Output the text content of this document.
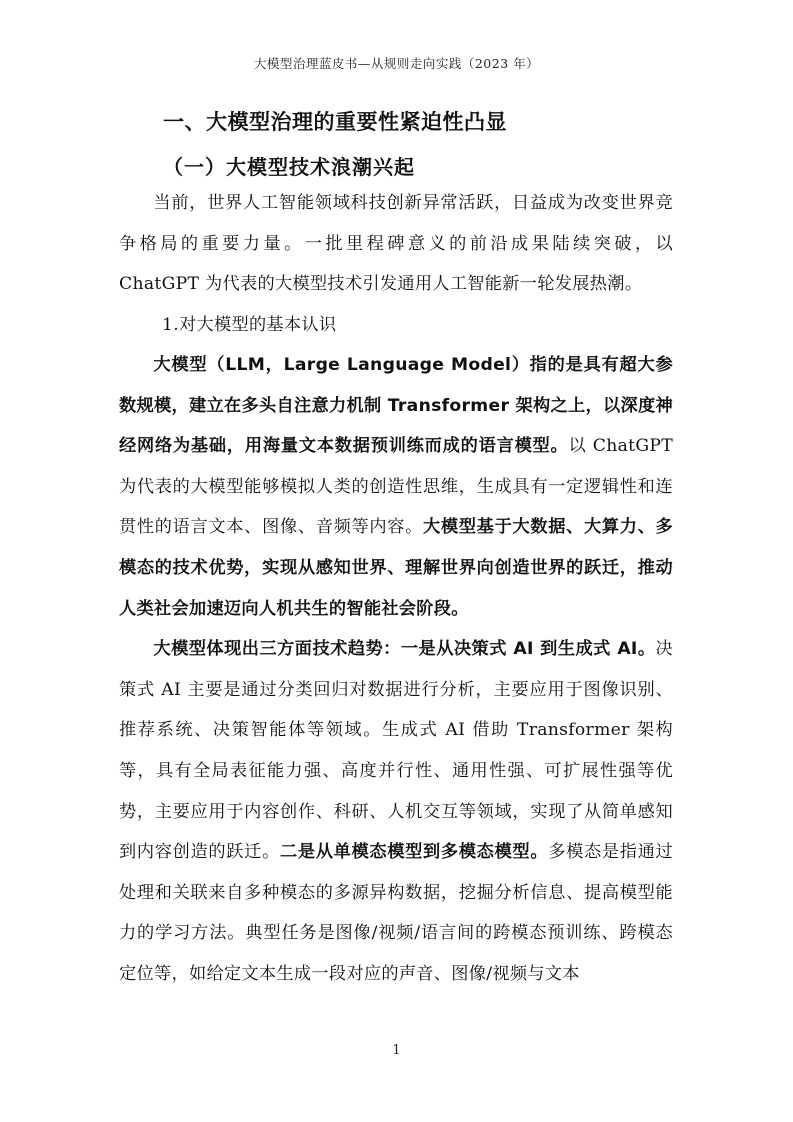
大模型治理蓝皮书—从规则走向实践（2023 年）
一、大模型治理的重要性紧迫性凸显
（一）大模型技术浪潮兴起

当前，世界人工智能领域科技创新异常活跃，日益成为改变世界竞争格局的重要力量。一批里程碑意义的前沿成果陆续突破，以 ChatGPT 为代表的大模型技术引发通用人工智能新一轮发展热潮。

1.对大模型的基本认识

大模型（LLM，Large Language Model）指的是具有超大参数规模，建立在多头自注意力机制 Transformer 架构之上，以深度神经网络为基础，用海量文本数据预训练而成的语言模型。以 ChatGPT 为代表的大模型能够模拟人类的创造性思维，生成具有一定逻辑性和连贯性的语言文本、图像、音频等内容。大模型基于大数据、大算力、多模态的技术优势，实现从感知世界、理解世界向创造世界的跃迁，推动人类社会加速迈向人机共生的智能社会阶段。

大模型体现出三方面技术趋势：一是从决策式 AI 到生成式 AI。决策式 AI 主要是通过分类回归对数据进行分析，主要应用于图像识别、推荐系统、决策智能体等领域。生成式 AI 借助 Transformer 架构等，具有全局表征能力强、高度并行性、通用性强、可扩展性强等优势，主要应用于内容创作、科研、人机交互等领域，实现了从简单感知到内容创造的跃迁。二是从单模态模型到多模态模型。多模态是指通过处理和关联来自多种模态的多源异构数据，挖掘分析信息、提高模型能力的学习方法。典型任务是图像/视频/语言间的跨模态预训练、跨模态定位等，如给定文本生成一段对应的声音、图像/视频与文本

1
